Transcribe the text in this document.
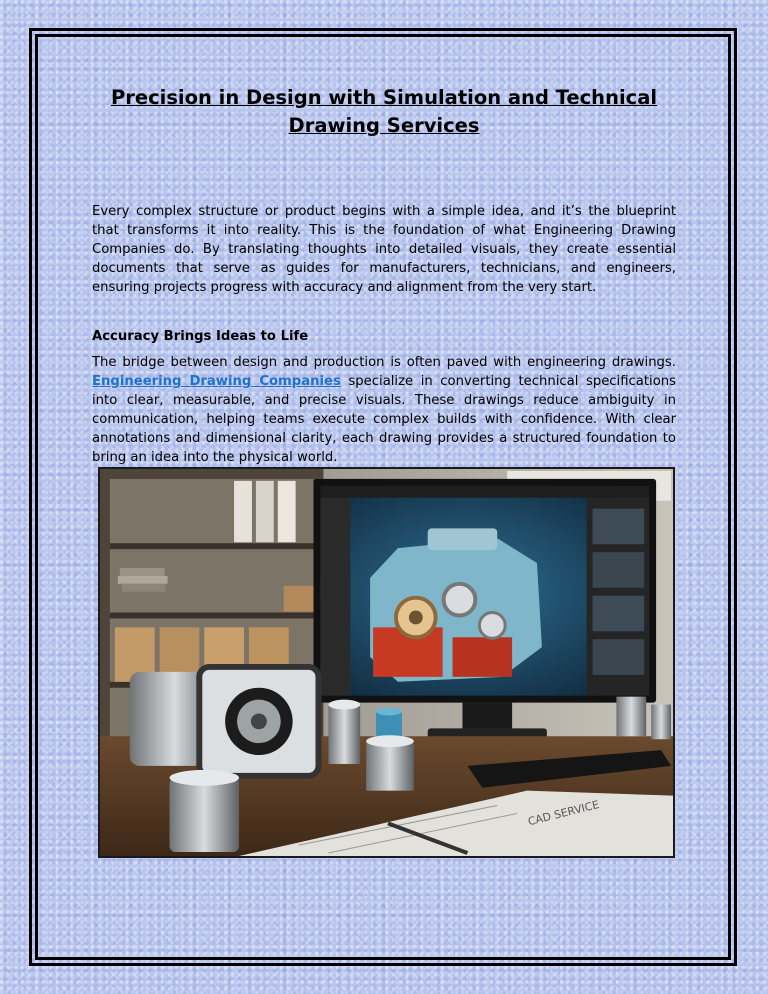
Precision in Design with Simulation and Technical Drawing Services

Every complex structure or product begins with a simple idea, and it’s the blueprint that transforms it into reality. This is the foundation of what Engineering Drawing Companies do. By translating thoughts into detailed visuals, they create essential documents that serve as guides for manufacturers, technicians, and engineers, ensuring projects progress with accuracy and alignment from the very start.

Accuracy Brings Ideas to Life

The bridge between design and production is often paved with engineering drawings. Engineering Drawing Companies specialize in converting technical specifications into clear, measurable, and precise visuals. These drawings reduce ambiguity in communication, helping teams execute complex builds with confidence. With clear annotations and dimensional clarity, each drawing provides a structured foundation to bring an idea into the physical world.

CAD SERVICE
